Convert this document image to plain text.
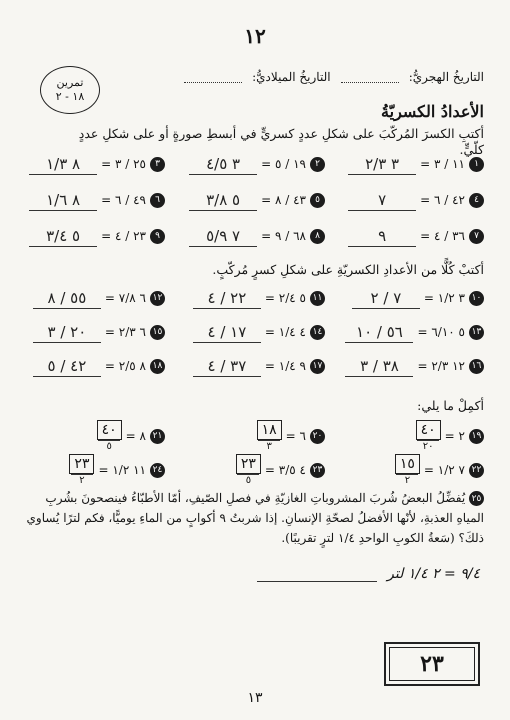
١٢
التاريخُ الهجريُّ:
التاريخُ الميلاديُّ:
تمرين
١٨ - ٢
الأعدادُ الكسريّةُ
أكتبِ الكسرَ المُركّبَ على شكلِ عددٍ كسريٍّ في أبسطِ صورةٍ أو على شكلِ عددٍ كلّيٍّ.
١
١١ / ٣ =
٣ ٢/٣
٢
١٩ / ٥ =
٣ ٤/٥
٣
٢٥ / ٣ =
٨ ١/٣
٤
٤٢ / ٦ =
٧
٥
٤٣ / ٨ =
٥ ٣/٨
٦
٤٩ / ٦ =
٨ ١/٦
٧
٣٦ / ٤ =
٩
٨
٦٨ / ٩ =
٧ ٥/٩
٩
٢٣ / ٤ =
٥ ٣/٤
أكتبْ كُلًّا من الأعدادِ الكسريّةِ على شكلِ كسرٍ مُركّبٍ.
١٠
٣ ١/٢ =
٧ / ٢
١١
٥ ٢/٤ =
٢٢ / ٤
١٢
٦ ٧/٨ =
٥٥ / ٨
١٣
٥ ٦/١٠ =
٥٦ / ١٠
١٤
٤ ١/٤ =
١٧ / ٤
١٥
٦ ٢/٣ =
٢٠ / ٣
١٦
١٢ ٢/٣ =
٣٨ / ٣
١٧
٩ ١/٤ =
٣٧ / ٤
١٨
٨ ٢/٥ =
٤٢ / ٥
أكمِلْ ما يلي:
١٩
٢ =
٤٠
٢٠
٢٠
٦ =
١٨
٣
٢١
٨ =
٤٠
٥
٢٢
٧ ١/٢ =
١٥
٢
٢٣
٤ ٣/٥ =
٢٣
٥
٢٤
١١ ١/٢ =
٢٣
٢
٢٥ يُفضِّلُ البعضُ شُربَ المشروباتِ الغازيّةِ في فصلِ الصّيفِ، أمّا الأطبّاءُ فينصحونَ بشُربِ المياهِ العذبةِ، لأنّها الأفضلُ لصحّةِ الإنسانِ. إذا شربتُ ٩ أكوابٍ من الماءِ يوميًّا، فكم لترًا يُساوي ذلكَ؟ (سَعةُ الكوبِ الواحدِ ١/٤ لترٍ تقريبًا).
٩/٤ = ٢ ١/٤ لتر
٢٣
١٣
